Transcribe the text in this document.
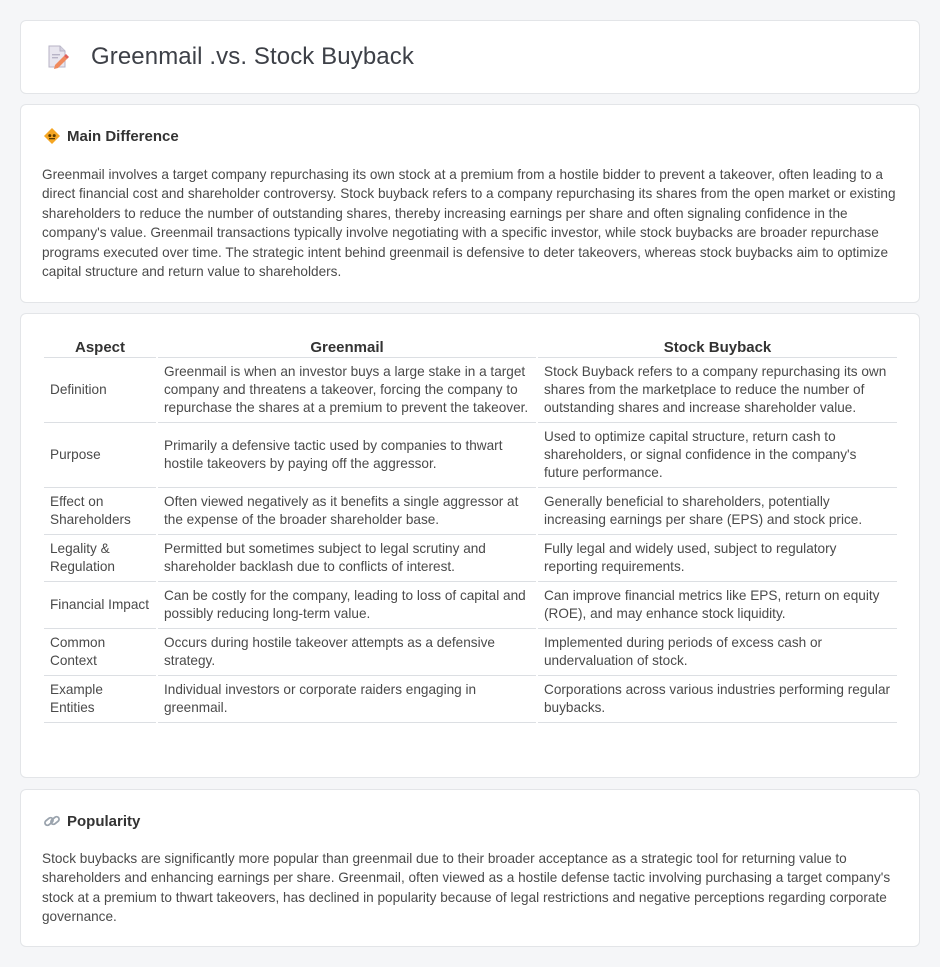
Greenmail .vs. Stock Buyback
Main Difference

Greenmail involves a target company repurchasing its own stock at a premium from a hostile bidder to prevent a takeover, often leading to a direct financial cost and shareholder controversy. Stock buyback refers to a company repurchasing its shares from the open market or existing shareholders to reduce the number of outstanding shares, thereby increasing earnings per share and often signaling confidence in the company's value. Greenmail transactions typically involve negotiating with a specific investor, while stock buybacks are broader repurchase programs executed over time. The strategic intent behind greenmail is defensive to deter takeovers, whereas stock buybacks aim to optimize capital structure and return value to shareholders.

Aspect	Greenmail	Stock Buyback
Definition	Greenmail is when an investor buys a large stake in a target company and threatens a takeover, forcing the company to repurchase the shares at a premium to prevent the takeover.	Stock Buyback refers to a company repurchasing its own shares from the marketplace to reduce the number of outstanding shares and increase shareholder value.
Purpose	Primarily a defensive tactic used by companies to thwart hostile takeovers by paying off the aggressor.	Used to optimize capital structure, return cash to shareholders, or signal confidence in the company's future performance.
Effect on Shareholders	Often viewed negatively as it benefits a single aggressor at the expense of the broader shareholder base.	Generally beneficial to shareholders, potentially increasing earnings per share (EPS) and stock price.
Legality & Regulation	Permitted but sometimes subject to legal scrutiny and shareholder backlash due to conflicts of interest.	Fully legal and widely used, subject to regulatory reporting requirements.
Financial Impact	Can be costly for the company, leading to loss of capital and possibly reducing long-term value.	Can improve financial metrics like EPS, return on equity (ROE), and may enhance stock liquidity.
Common Context	Occurs during hostile takeover attempts as a defensive strategy.	Implemented during periods of excess cash or undervaluation of stock.
Example Entities	Individual investors or corporate raiders engaging in greenmail.	Corporations across various industries performing regular buybacks.
Popularity

Stock buybacks are significantly more popular than greenmail due to their broader acceptance as a strategic tool for returning value to shareholders and enhancing earnings per share. Greenmail, often viewed as a hostile defense tactic involving purchasing a target company's stock at a premium to thwart takeovers, has declined in popularity because of legal restrictions and negative perceptions regarding corporate governance.
